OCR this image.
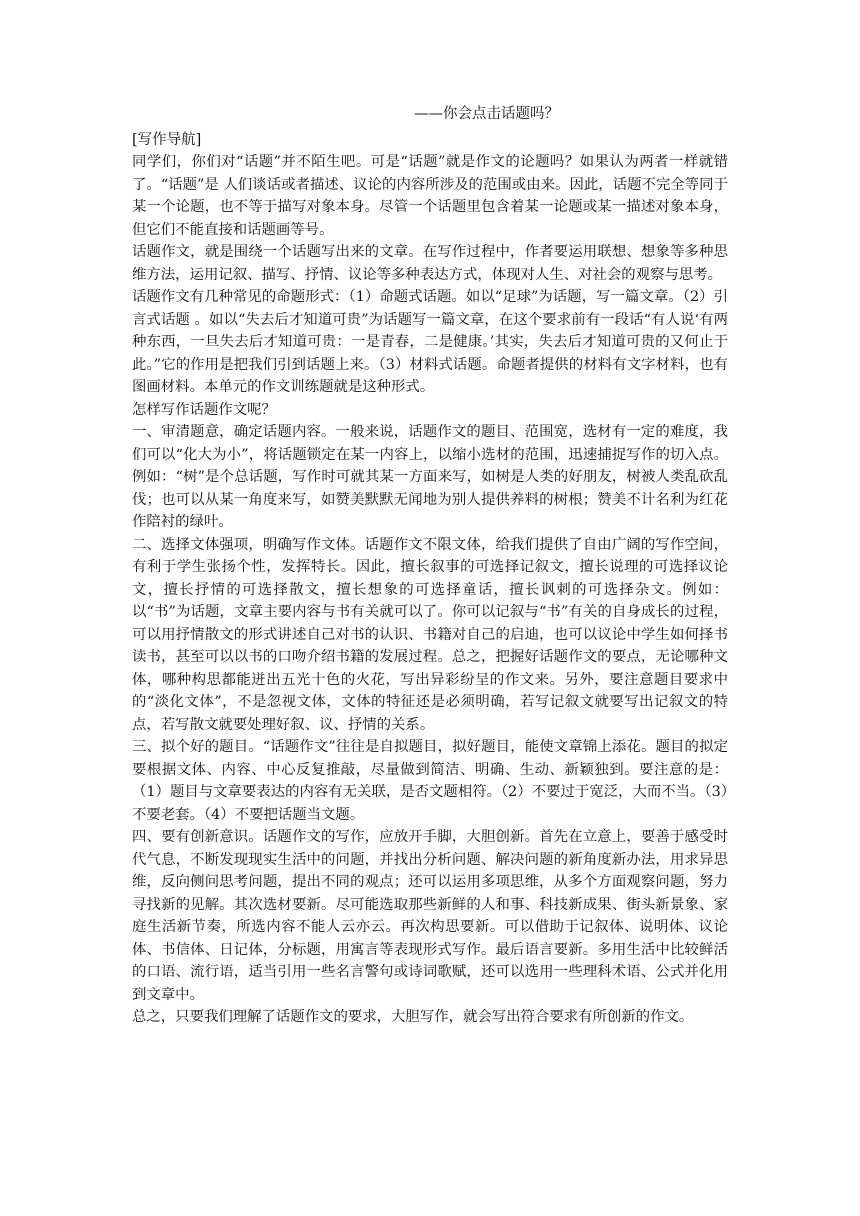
——你会点击话题吗？

[写作导航]

同学们，你们对“话题”并不陌生吧。可是“话题”就是作文的论题吗？如果认为两者一样就错了。“话题”是 人们谈话或者描述、议论的内容所涉及的范围或由来。因此，话题不完全等同于某一个论题，也不等于描写对象本身。尽管一个话题里包含着某一论题或某一描述对象本身，但它们不能直接和话题画等号。

话题作文，就是围绕一个话题写出来的文章。在写作过程中，作者要运用联想、想象等多种思维方法，运用记叙、描写、抒情、议论等多种表达方式，体现对人生、对社会的观察与思考。

话题作文有几种常见的命题形式：（1）命题式话题。如以“足球”为话题，写一篇文章。（2）引言式话题 。如以“失去后才知道可贵”为话题写一篇文章，在这个要求前有一段话“有人说‘有两种东西，一旦失去后才知道可贵：一是青春，二是健康。’其实，失去后才知道可贵的又何止于此。”它的作用是把我们引到话题上来。（3）材料式话题。命题者提供的材料有文字材料，也有图画材料。本单元的作文训练题就是这种形式。

怎样写作话题作文呢？

一、审清题意，确定话题内容。一般来说，话题作文的题目、范围宽，选材有一定的难度，我们可以“化大为小”，将话题锁定在某一内容上，以缩小选材的范围，迅速捕捉写作的切入点。例如：“树”是个总话题，写作时可就其某一方面来写，如树是人类的好朋友，树被人类乱砍乱伐；也可以从某一角度来写，如赞美默默无闻地为别人提供养料的树根；赞美不计名利为红花作陪衬的绿叶。

二、选择文体强项，明确写作文体。话题作文不限文体，给我们提供了自由广阔的写作空间，有利于学生张扬个性，发挥特长。因此，擅长叙事的可选择记叙文，擅长说理的可选择议论文，擅长抒情的可选择散文，擅长想象的可选择童话，擅长讽刺的可选择杂文。例如：以“书”为话题，文章主要内容与书有关就可以了。你可以记叙与“书”有关的自身成长的过程，可以用抒情散文的形式讲述自己对书的认识、书籍对自己的启迪，也可以议论中学生如何择书读书，甚至可以以书的口吻介绍书籍的发展过程。总之，把握好话题作文的要点，无论哪种文体，哪种构思都能迸出五光十色的火花，写出异彩纷呈的作文来。另外，要注意题目要求中的“淡化文体”，不是忽视文体，文体的特征还是必须明确，若写记叙文就要写出记叙文的特点，若写散文就要处理好叙、议、抒情的关系。

三、拟个好的题目。“话题作文”往往是自拟题目，拟好题目，能使文章锦上添花。题目的拟定要根据文体、内容、中心反复推敲，尽量做到简洁、明确、生动、新颖独到。要注意的是：（1）题目与文章要表达的内容有无关联，是否文题相符。（2）不要过于宽泛，大而不当。（3）不要老套。（4）不要把话题当文题。

四、要有创新意识。话题作文的写作，应放开手脚，大胆创新。首先在立意上，要善于感受时代气息，不断发现现实生活中的问题，并找出分析问题、解决问题的新角度新办法，用求异思维，反向侧问思考问题，提出不同的观点；还可以运用多项思维，从多个方面观察问题，努力寻找新的见解。其次选材要新。尽可能选取那些新鲜的人和事、科技新成果、街头新景象、家庭生活新节奏，所选内容不能人云亦云。再次构思要新。可以借助于记叙体、说明体、议论体、书信体、日记体，分标题，用寓言等表现形式写作。最后语言要新。多用生活中比较鲜活的口语、流行语，适当引用一些名言警句或诗词歌赋，还可以选用一些理科术语、公式并化用到文章中。

总之，只要我们理解了话题作文的要求，大胆写作，就会写出符合要求有所创新的作文。
